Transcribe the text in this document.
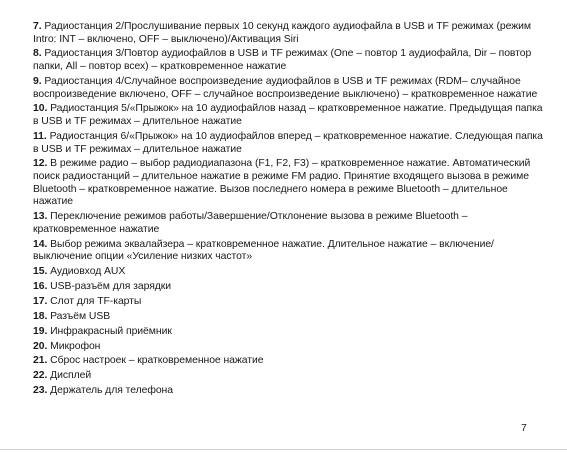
7. Радиостанция 2/Прослушивание первых 10 секунд каждого аудиофайла в USB и TF режимах (режим Intro: INT – включено, OFF – выключено)/Активация Siri
8. Радиостанция 3/Повтор аудиофайлов в USB и TF режимах (One – повтор 1 аудиофайла, Dir – повтор папки, All – повтор всех) – кратковременное нажатие
9. Радиостанция 4/Случайное воспроизведение аудиофайлов в USB и TF режимах (RDM– случайное воспроизведение включено, OFF – случайное воспроизведение выключено) – кратковременное нажатие
10. Радиостанция 5/«Прыжок» на 10 аудиофайлов назад – кратковременное нажатие. Предыдущая папка в USB и TF режимах – длительное нажатие
11. Радиостанция 6/«Прыжок» на 10 аудиофайлов вперед – кратковременное нажатие. Следующая папка в USB и TF режимах – длительное нажатие
12. В режиме радио – выбор радиодиапазона (F1, F2, F3) – кратковременное нажатие. Автоматический поиск радиостанций – длительное нажатие в режиме FM радио. Принятие входящего вызова в режиме Bluetooth – кратковременное нажатие. Вызов последнего номера в режиме Bluetooth – длительное нажатие
13. Переключение режимов работы/Завершение/Отклонение вызова в режиме Bluetooth – кратковременное нажатие
14. Выбор режима эквалайзера – кратковременное нажатие. Длительное нажатие – включение/выключение опции «Усиление низких частот»
15. Аудиовход AUX
16. USB-разъём для зарядки
17. Слот для TF-карты
18. Разъём USB
19. Инфракрасный приёмник
20. Микрофон
21. Сброс настроек – кратковременное нажатие
22. Дисплей
23. Держатель для телефона
7
